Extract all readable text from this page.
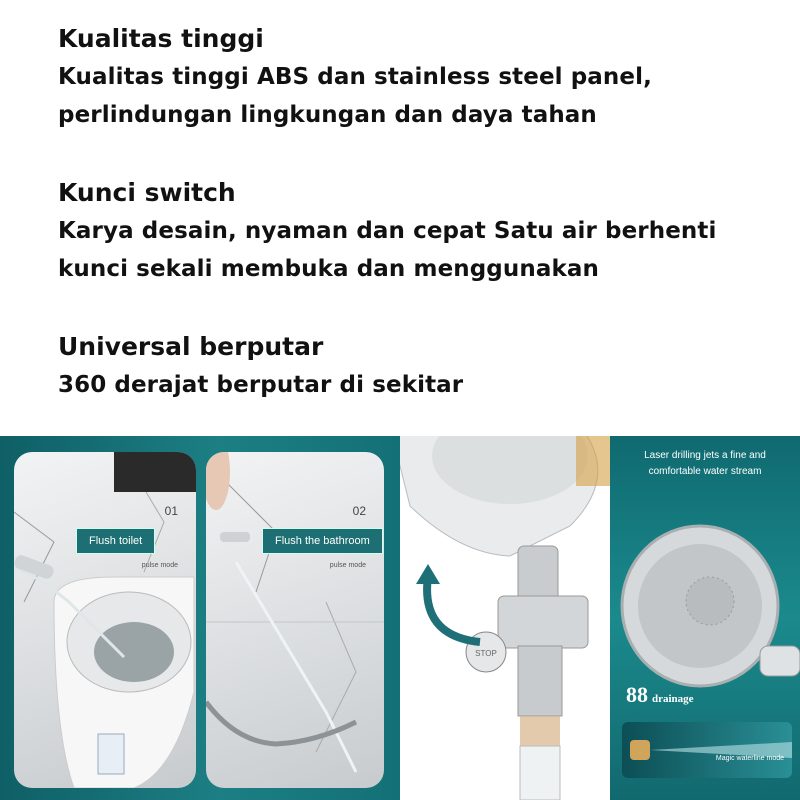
Kualitas tinggi
Kualitas tinggi ABS dan stainless steel panel,
perlindungan lingkungan dan daya tahan
Kunci switch
Karya desain, nyaman dan cepat Satu air berhenti
kunci sekali membuka dan menggunakan
Universal berputar
360 derajat berputar di sekitar
01
Flush toilet
pulse mode
02
Flush the bathroom
pulse mode
STOP
Laser drilling jets a fine and
comfortable water stream
88 drainage
Magic waterline mode
